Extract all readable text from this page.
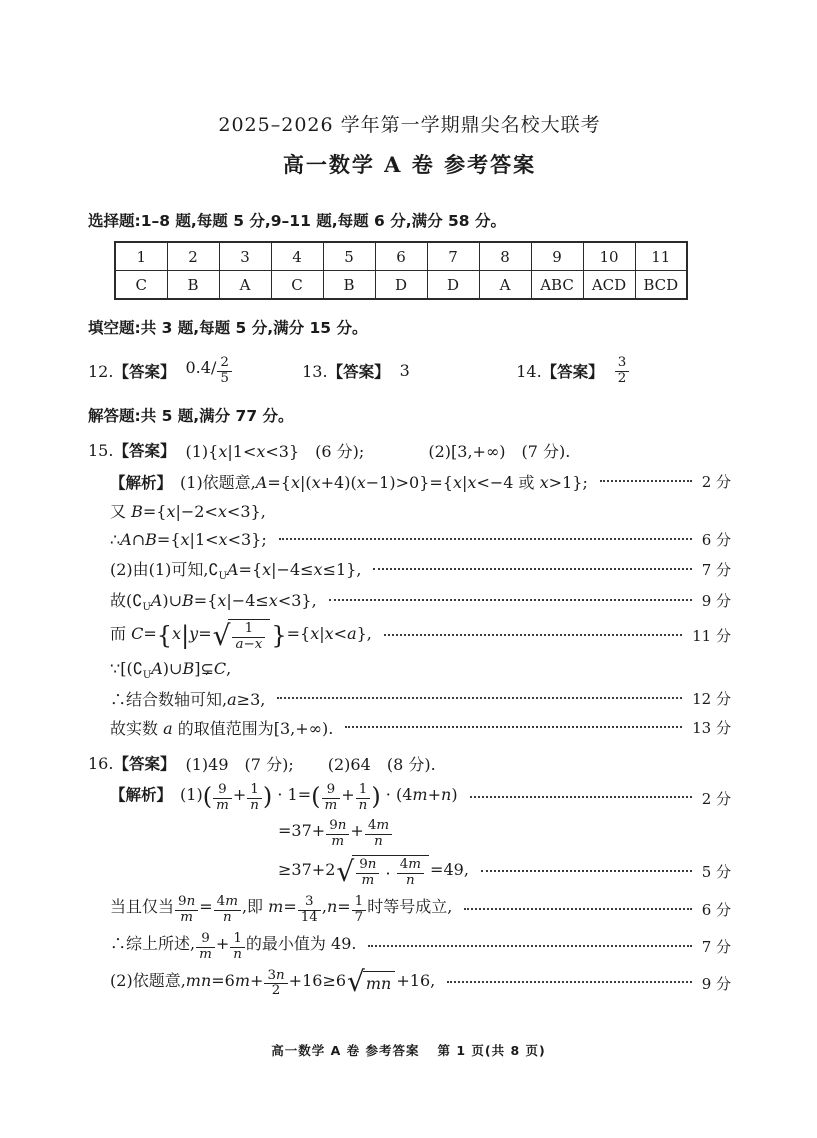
2025–2026 学年第一学期鼎尖名校大联考
高一数学 A 卷 参考答案
选择题:1–8 题,每题 5 分,9–11 题,每题 6 分,满分 58 分。
1	2	3	4	5	6	7	8	9	10	11
C	B	A	C	B	D	D	A	ABC	ACD	BCD
填空题:共 3 题,每题 5 分,满分 15 分。
12. 【答案】 $0.4/ \frac{2}{5}$	13. 【答案】 3	14. 【答案】 $\frac{3}{2}$
解答题:共 5 题,满分 77 分。
15. 【答案】 (1){x|1<x<3}　(6 分);	(2)[3,+∞)　(7 分).
【解析】 (1)依题意,A={x|(x+4)(x−1)>0}={x|x<−4 或 x>1};	2 分
又 B={x|−2<x<3},
∴A∩B={x|1<x<3};	6 分
(2)由(1)可知$,∁_UA=\{x|-4\le x\le 1\}$,	7 分
故$(∁_UA)\cup B=\{x|-4\le x<3\}$,	9 分
而 C={x|y= √ $\frac{1}{a-x} \}=\{x|x<a\}$,	11 分
$\because[(∁_UA)\cup B]⊊C$,
∴结合数轴可知,a≥3,	12 分
故实数 a 的取值范围为[3,+∞).	13 分
16. 【答案】 (1)49　 (7 分); (2)64　 (8 分).
【解析】 $(1)( \frac{9}{m} + \frac{1}{n}$ ) · $1=( \frac{9}{m} + \frac{1}{n}$ ) · (4m+n)	2 分
$=37+ \frac{9n}{m} + \frac{4m}{n}$
≥37+2 √ $\frac{9n}{m} \cdot \frac{4m}{n} =49$,	5 分
当且仅当 $\frac{9n}{m} = \frac{4m}{n}$ ,即 $m= \frac{3}{14} ,n= \frac{1}{7}$ 时等号成立,	6 分
∴综上所述, $\frac{9}{m} + \frac{1}{n}$ 的最小值为 49.	7 分
(2)依题意$,mn=6m+ \frac{3n}{2} +16\ge 6$ √ mn +16,	9 分
高一数学 A 卷 参考答案 第 1 页(共 8 页)
